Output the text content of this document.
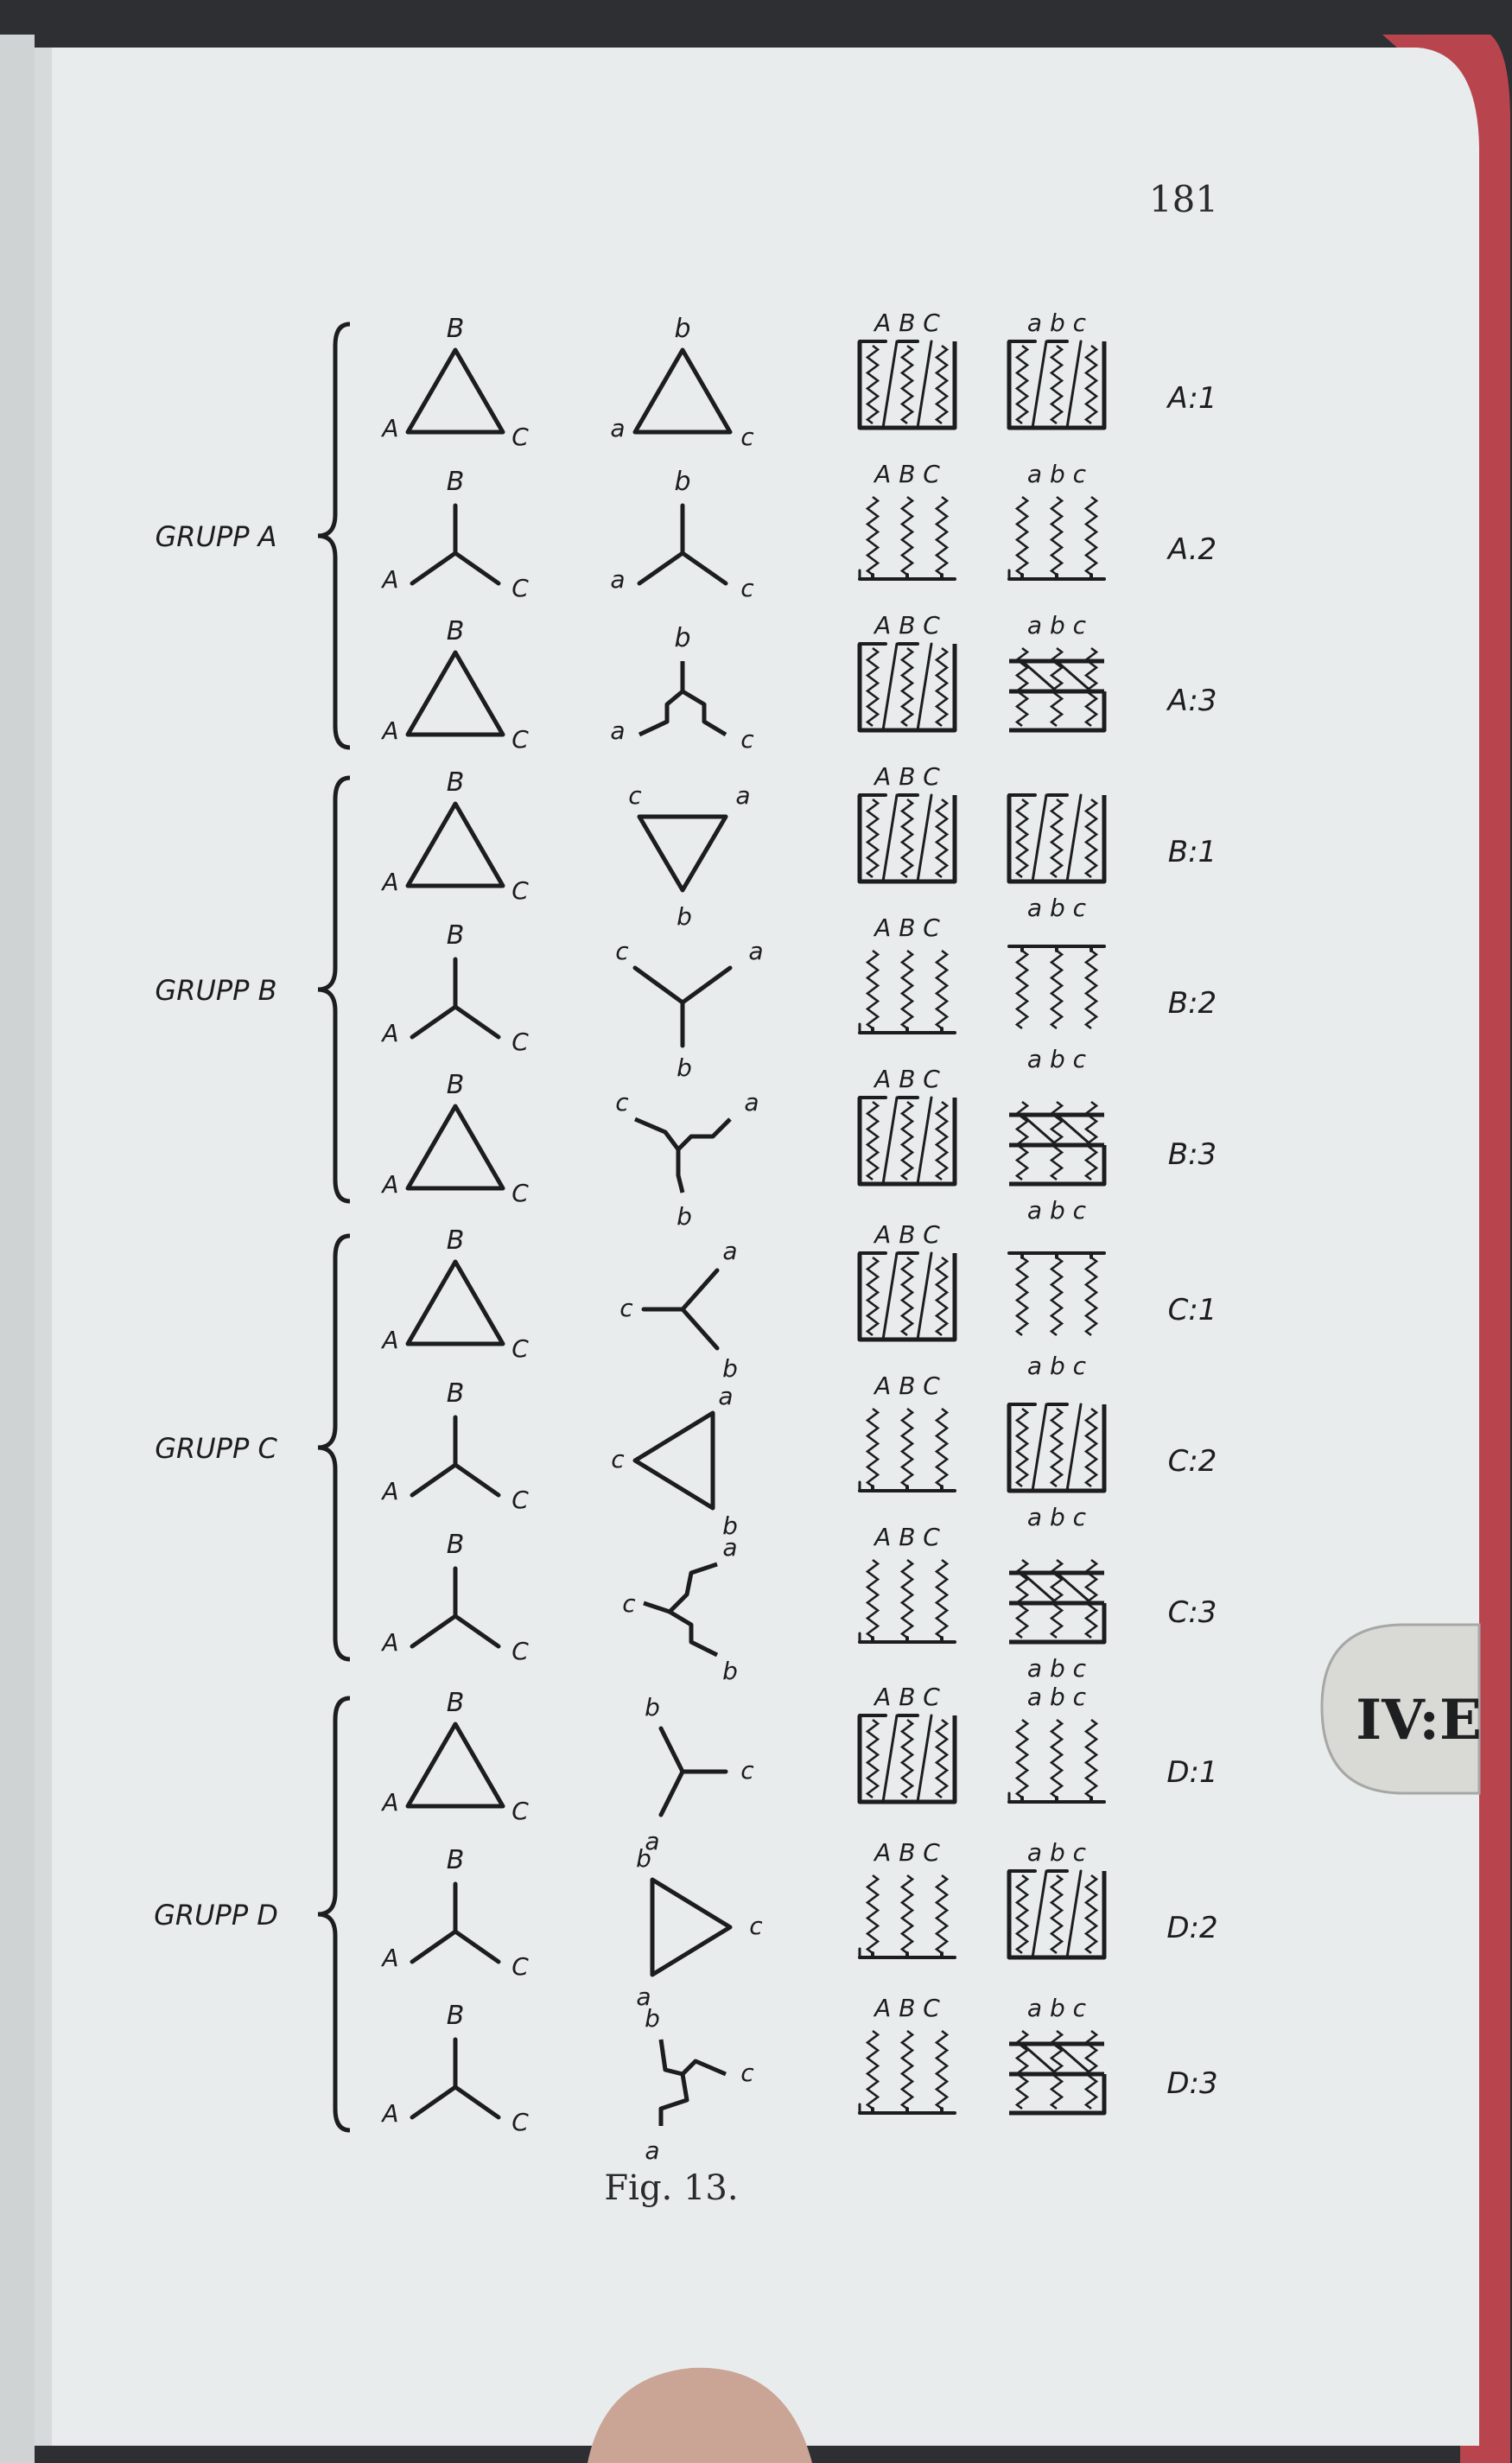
181
Fig. 13.
IV:E
GRUPP A
B
A	C
b
a	c
A B C	a b c
A:1
B
A	C
b
a	c
A B C	a b c
A.2
B
A	C
b
a	c
A B C	a b c
A:3
GRUPP B
B
A	C
c	a
b
A B C
a b c
B:1
B
A	C
c	a
b
A B C
a b c
B:2
B
A	C
c	a
b
A B C
a b c
B:3
GRUPP C
B
A	C
a
c
b
A B C
a b c
C:1
B
A	C
a
c
b
A B C
a b c
C:2
B
A	C
a
c
b
A B C
a b c
C:3
GRUPP D
B
A	C
b
c
a
A B C	a b c
D:1
B
A	C
b
c
a
A B C	a b c
D:2
B
A	C
b
c
a
A B C	a b c
D:3
